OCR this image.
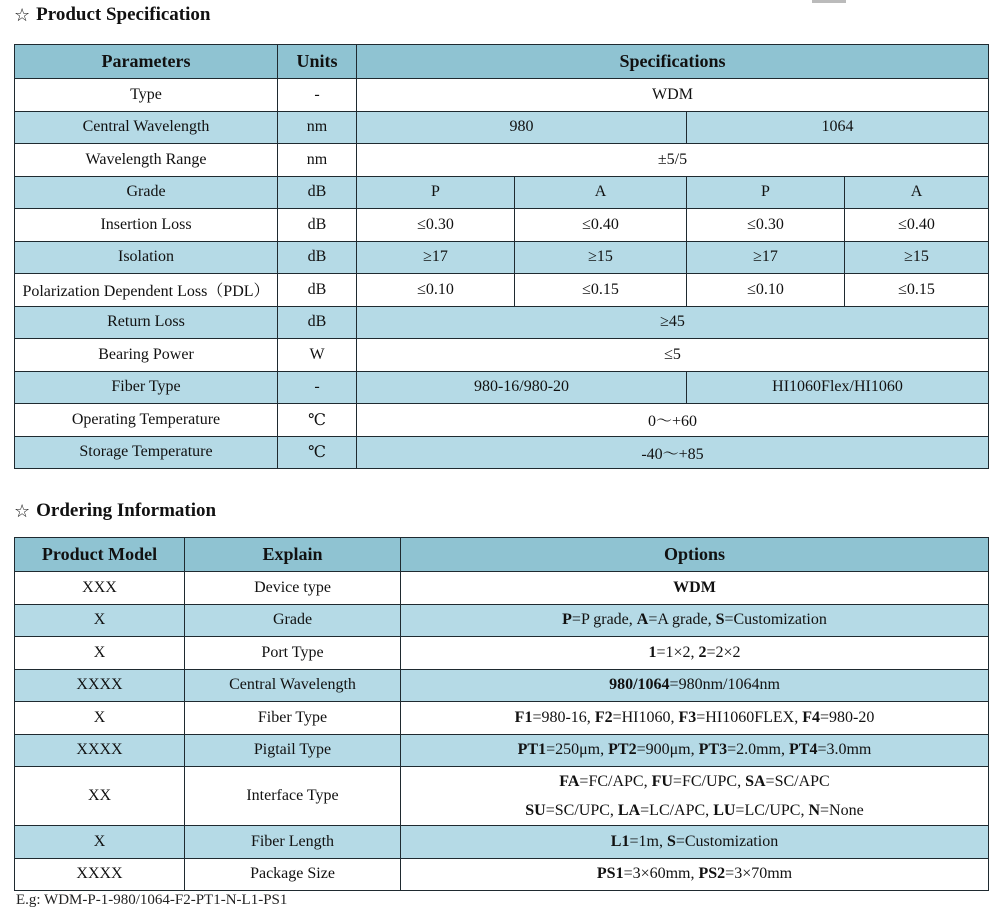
☆ Product Specification
Parameters	Units	Specifications			
Type	-	WDM			
Central Wavelength	nm	980		1064	
Wavelength Range	nm	±5/5			
Grade	dB	P	A	P	A
Insertion Loss	dB	≤0.30	≤0.40	≤0.30	≤0.40
Isolation	dB	≥17	≥15	≥17	≥15
Polarization Dependent Loss（PDL）	dB	≤0.10	≤0.15	≤0.10	≤0.15
Return Loss	dB	≥45			
Bearing Power	W	≤5			
Fiber Type	-	980-16/980-20		HI1060Flex/HI1060	
Operating Temperature	℃	0～+60			
Storage Temperature	℃	-40～+85			
☆ Ordering Information
Product Model	Explain	Options
XXX	Device type	WDM
X	Grade	P=P grade, A=A grade, S=Customization
X	Port Type	1=1×2, 2=2×2
XXXX	Central Wavelength	980/1064=980nm/1064nm
X	Fiber Type	F1=980-16, F2=HI1060, F3=HI1060FLEX, F4=980-20
XXXX	Pigtail Type	PT1=250μm, PT2=900μm, PT3=2.0mm, PT4=3.0mm
XX	Interface Type	FA=FC/APC, FU=FC/UPC, SA=SC/APC
SU=SC/UPC, LA=LC/APC, LU=LC/UPC, N=None

X	Fiber Length	L1=1m, S=Customization
XXXX	Package Size	PS1=3×60mm, PS2=3×70mm
E.g: WDM-P-1-980/1064-F2-PT1-N-L1-PS1
